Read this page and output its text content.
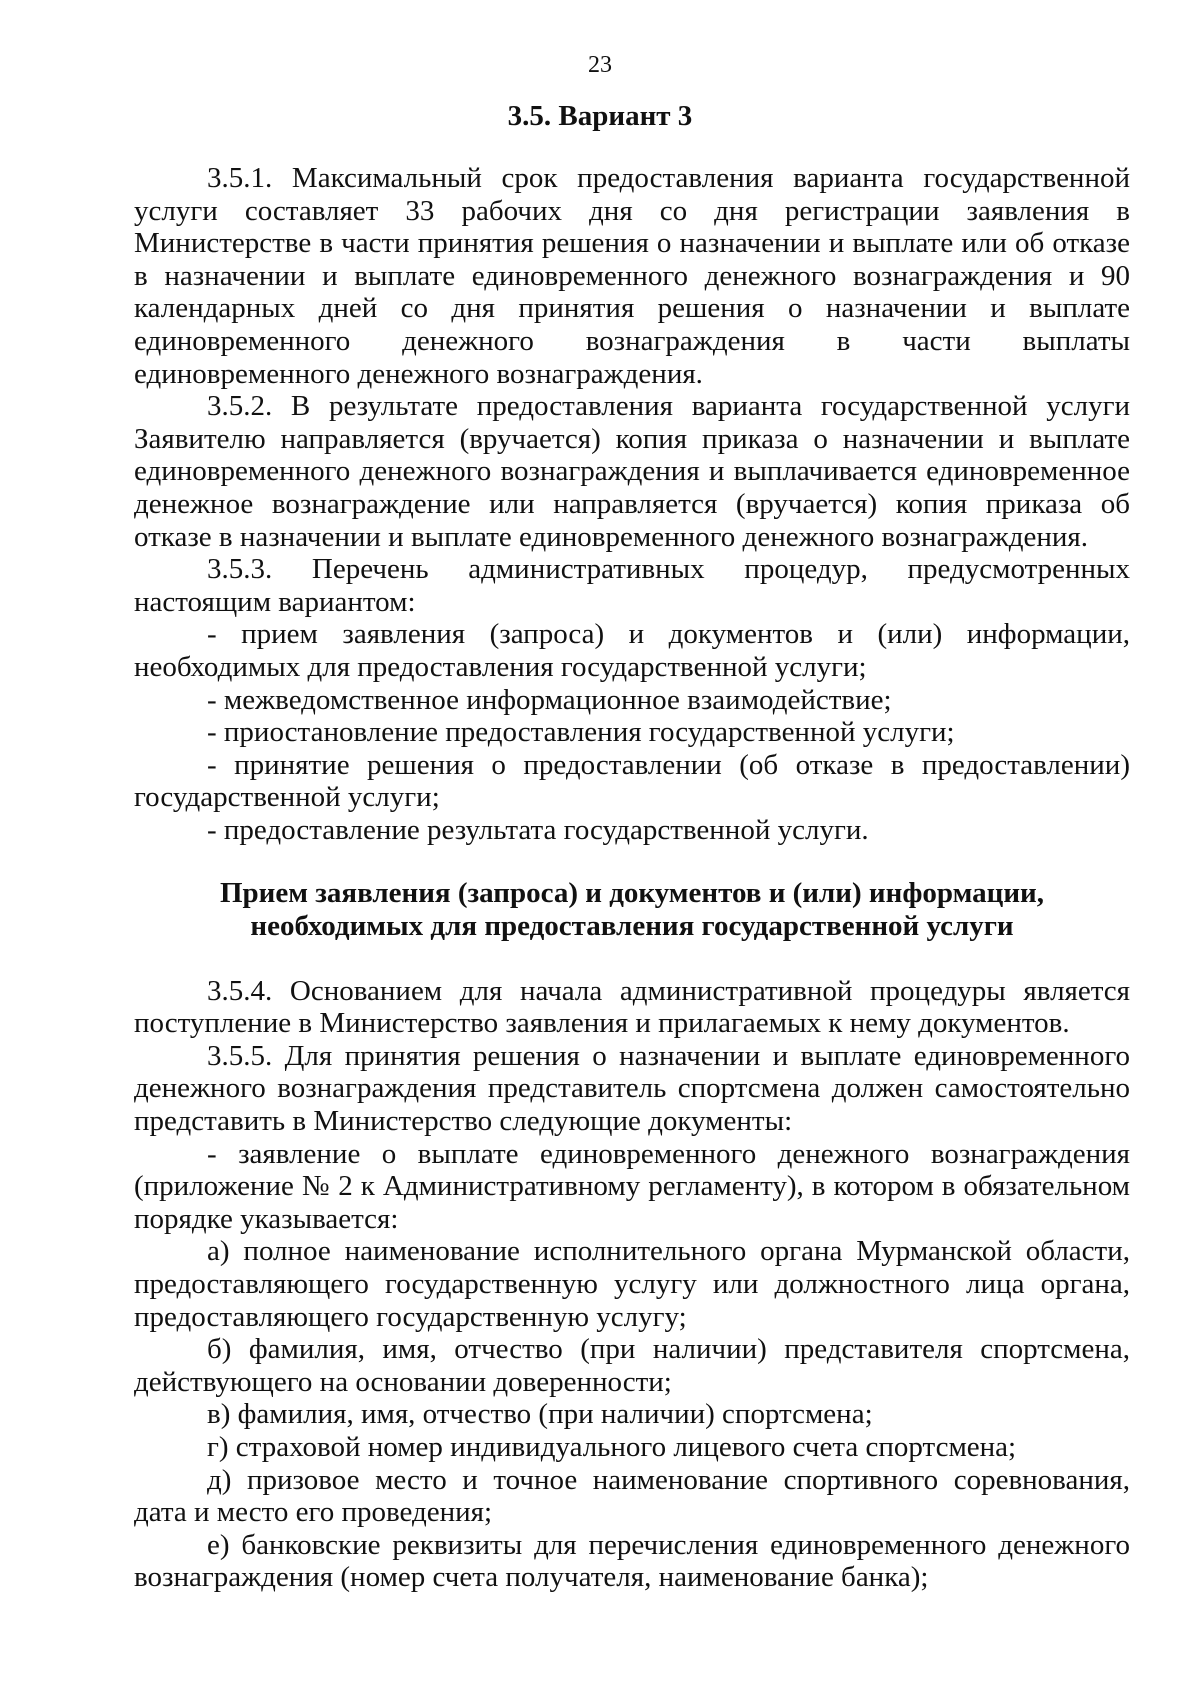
23
3.5. Вариант 3

3.5.1. Максимальный срок предоставления варианта государственной услуги составляет 33 рабочих дня со дня регистрации заявления в Министерстве в части принятия решения о назначении и выплате или об отказе в назначении и выплате единовременного денежного вознаграждения и 90 календарных дней со дня принятия решения о назначении и выплате единовременного денежного вознаграждения в части выплаты единовременного денежного вознаграждения.

3.5.2. В результате предоставления варианта государственной услуги Заявителю направляется (вручается) копия приказа о назначении и выплате единовременного денежного вознаграждения и выплачивается единовременное денежное вознаграждение или направляется (вручается) копия приказа об отказе в назначении и выплате единовременного денежного вознаграждения.

3.5.3. Перечень административных процедур, предусмотренных настоящим вариантом:

- прием заявления (запроса) и документов и (или) информации, необходимых для предоставления государственной услуги;

- межведомственное информационное взаимодействие;

- приостановление предоставления государственной услуги;

- принятие решения о предоставлении (об отказе в предоставлении) государственной услуги;

- предоставление результата государственной услуги.

Прием заявления (запроса) и документов и (или) информации, необходимых для предоставления государственной услуги

3.5.4. Основанием для начала административной процедуры является поступление в Министерство заявления и прилагаемых к нему документов.

3.5.5. Для принятия решения о назначении и выплате единовременного денежного вознаграждения представитель спортсмена должен самостоятельно представить в Министерство следующие документы:

- заявление о выплате единовременного денежного вознаграждения (приложение № 2 к Административному регламенту), в котором в обязательном порядке указывается:

а) полное наименование исполнительного органа Мурманской области, предоставляющего государственную услугу или должностного лица органа, предоставляющего государственную услугу;

б) фамилия, имя, отчество (при наличии) представителя спортсмена, действующего на основании доверенности;

в) фамилия, имя, отчество (при наличии) спортсмена;

г) страховой номер индивидуального лицевого счета спортсмена;

д) призовое место и точное наименование спортивного соревнования, дата и место его проведения;

е) банковские реквизиты для перечисления единовременного денежного вознаграждения (номер счета получателя, наименование банка);
